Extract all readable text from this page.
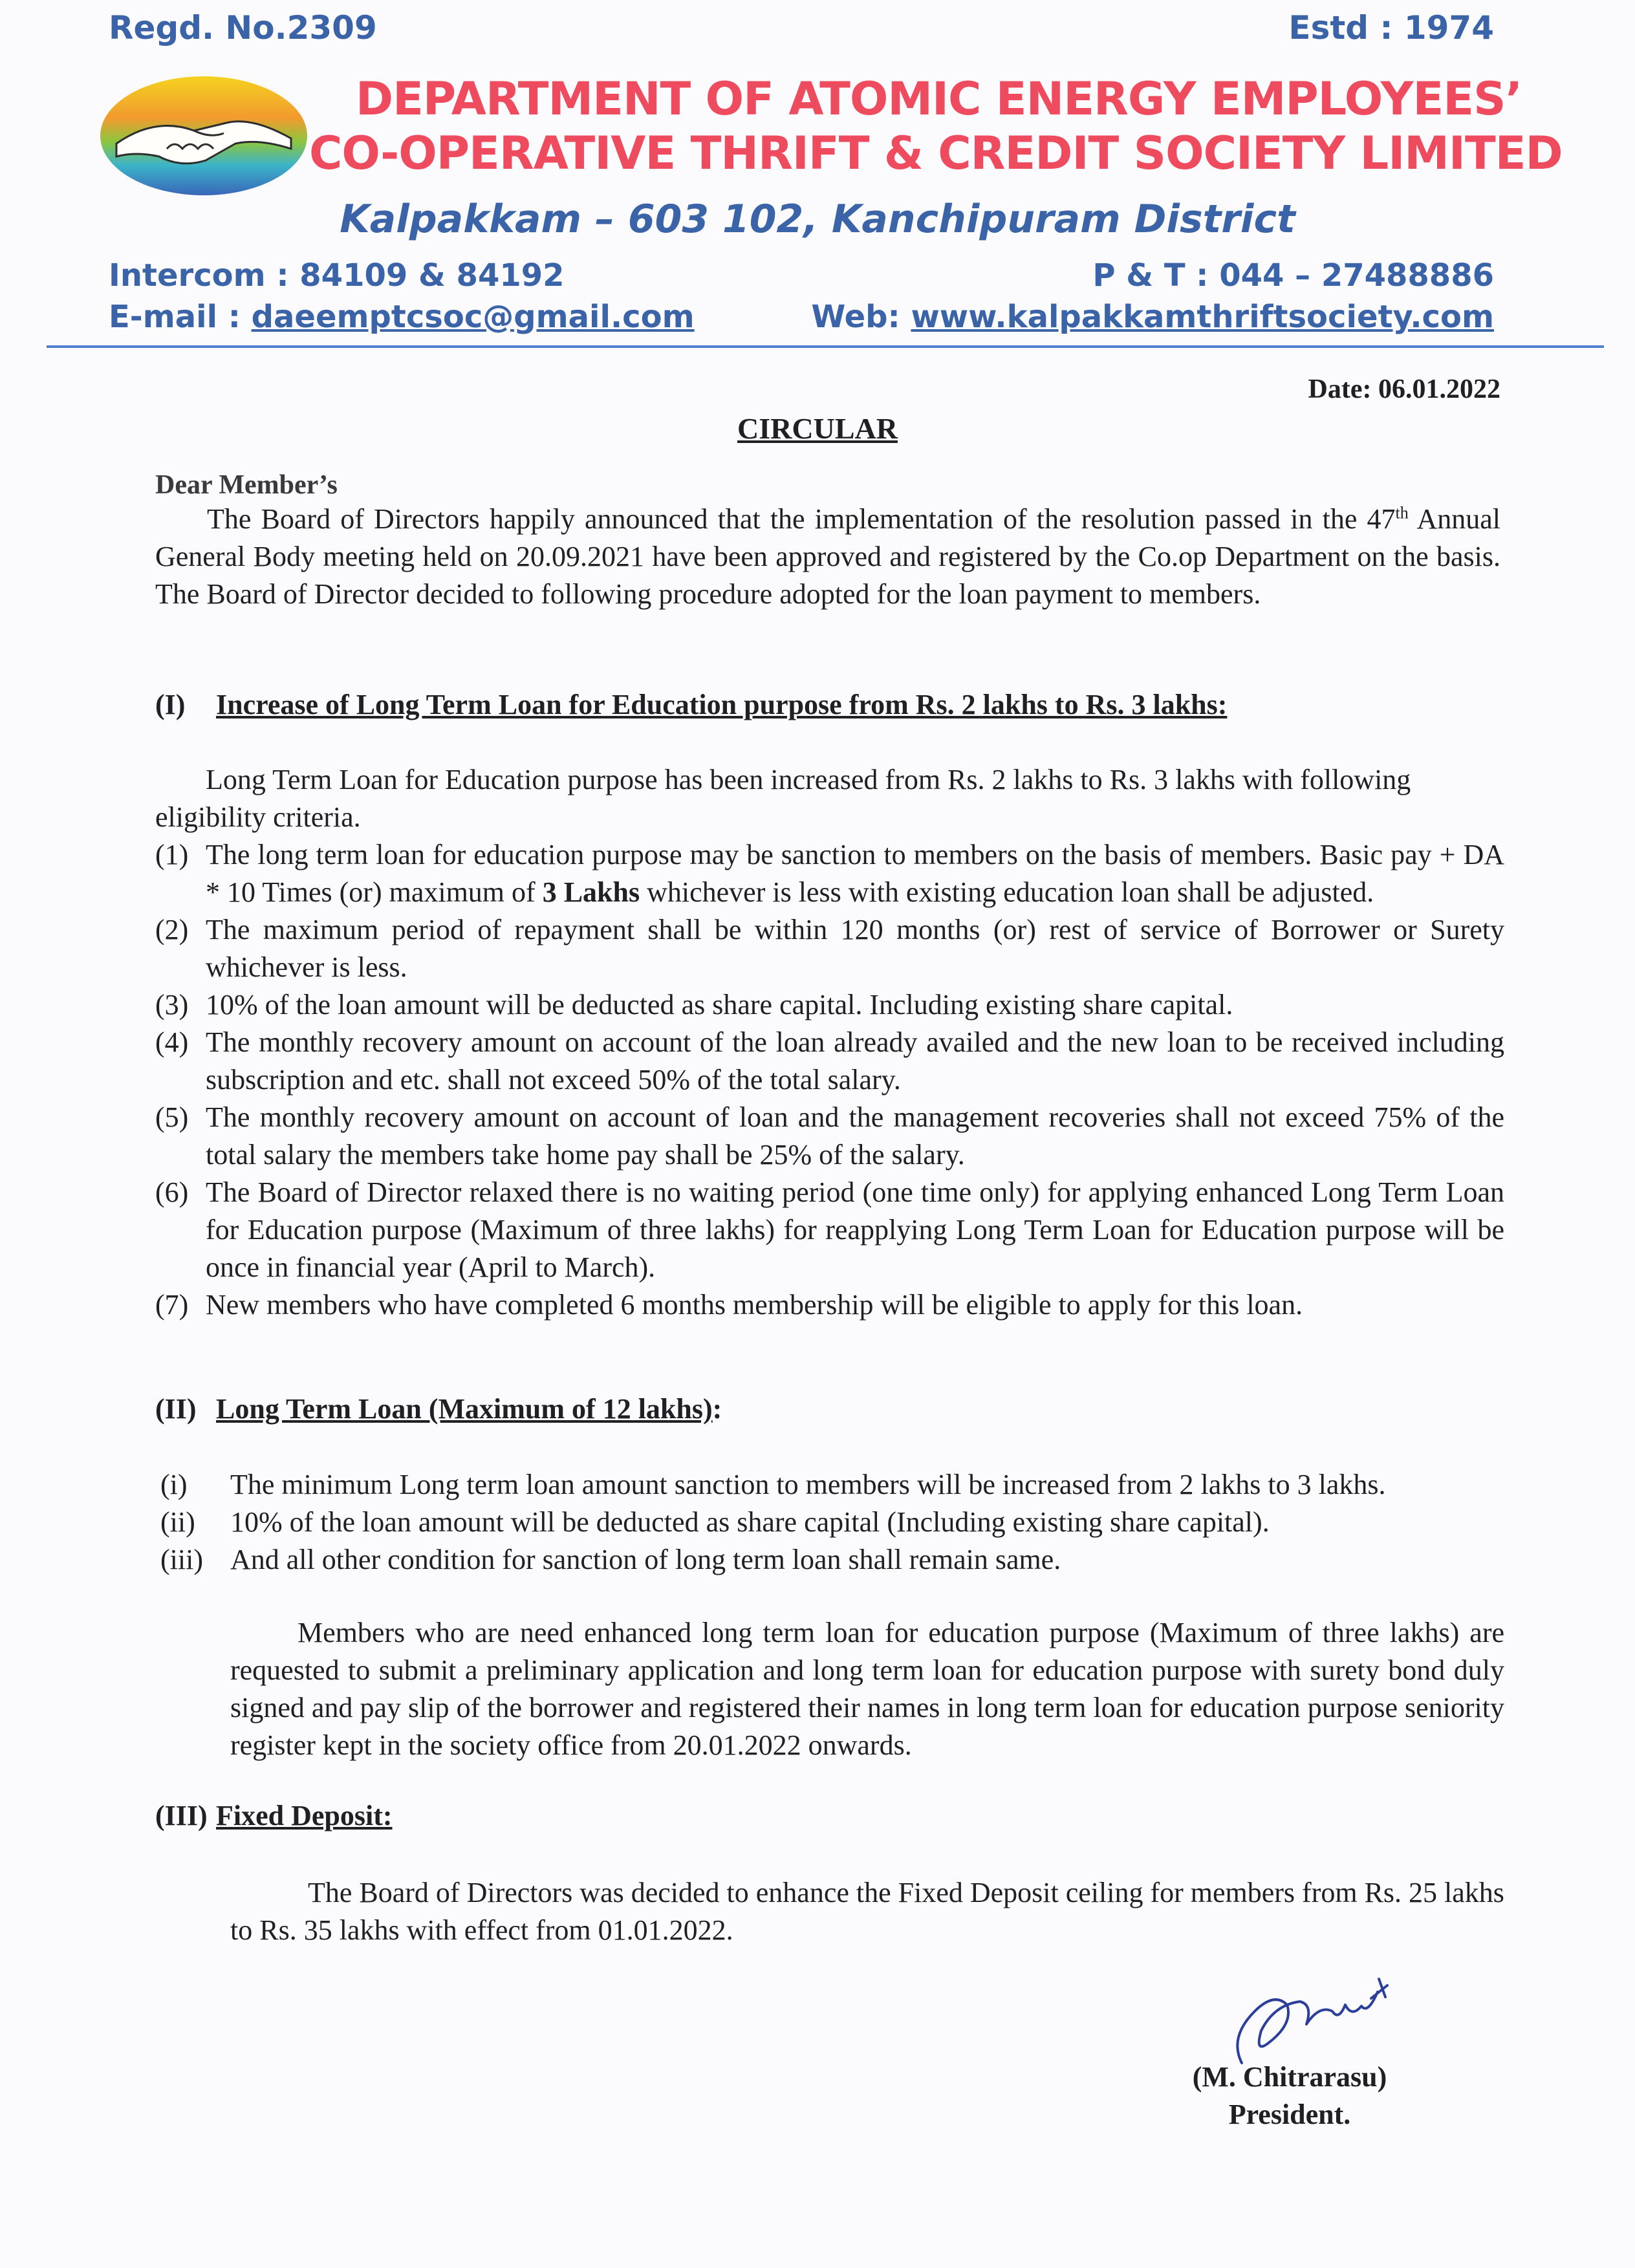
Regd. No.2309	Estd : 1974
DEPARTMENT OF ATOMIC ENERGY EMPLOYEES’
CO-OPERATIVE THRIFT & CREDIT SOCIETY LIMITED
Kalpakkam – 603 102, Kanchipuram District
Intercom : 84109 & 84192	P & T : 044 – 27488886
E-mail : daeemptcsoc@gmail.com	Web: www.kalpakkamthriftsociety.com
Date: 06.01.2022
CIRCULAR
Dear Member’s
The Board of Directors happily announced that the implementation of the resolution passed in the 47th Annual General Body meeting held on 20.09.2021 have been approved and registered by the Co.op Department on the basis. The Board of Director decided to following procedure adopted for the loan payment to members.
(I) Increase of Long Term Loan for Education purpose from Rs. 2 lakhs to Rs. 3 lakhs:
Long Term Loan for Education purpose has been increased from Rs. 2 lakhs to Rs. 3 lakhs with following eligibility criteria.
(1) The long term loan for education purpose may be sanction to members on the basis of members. Basic pay + DA * 10 Times (or) maximum of 3 Lakhs whichever is less with existing education loan shall be adjusted.
(2) The maximum period of repayment shall be within 120 months (or) rest of service of Borrower or Surety whichever is less.
(3) 10% of the loan amount will be deducted as share capital. Including existing share capital.
(4) The monthly recovery amount on account of the loan already availed and the new loan to be received including subscription and etc. shall not exceed 50% of the total salary.
(5) The monthly recovery amount on account of loan and the management recoveries shall not exceed 75% of the total salary the members take home pay shall be 25% of the salary.
(6) The Board of Director relaxed there is no waiting period (one time only) for applying enhanced Long Term Loan for Education purpose (Maximum of three lakhs) for reapplying Long Term Loan for Education purpose will be once in financial year (April to March).
(7) New members who have completed 6 months membership will be eligible to apply for this loan.
(II) Long Term Loan (Maximum of 12 lakhs):
(i) The minimum Long term loan amount sanction to members will be increased from 2 lakhs to 3 lakhs.
(ii) 10% of the loan amount will be deducted as share capital (Including existing share capital).
(iii) And all other condition for sanction of long term loan shall remain same.
Members who are need enhanced long term loan for education purpose (Maximum of three lakhs) are requested to submit a preliminary application and long term loan for education purpose with surety bond duly signed and pay slip of the borrower and registered their names in long term loan for education purpose seniority register kept in the society office from 20.01.2022 onwards.
(III) Fixed Deposit:
The Board of Directors was decided to enhance the Fixed Deposit ceiling for members from Rs. 25 lakhs to Rs. 35 lakhs with effect from 01.01.2022.
(M. Chitrarasu)
President.
